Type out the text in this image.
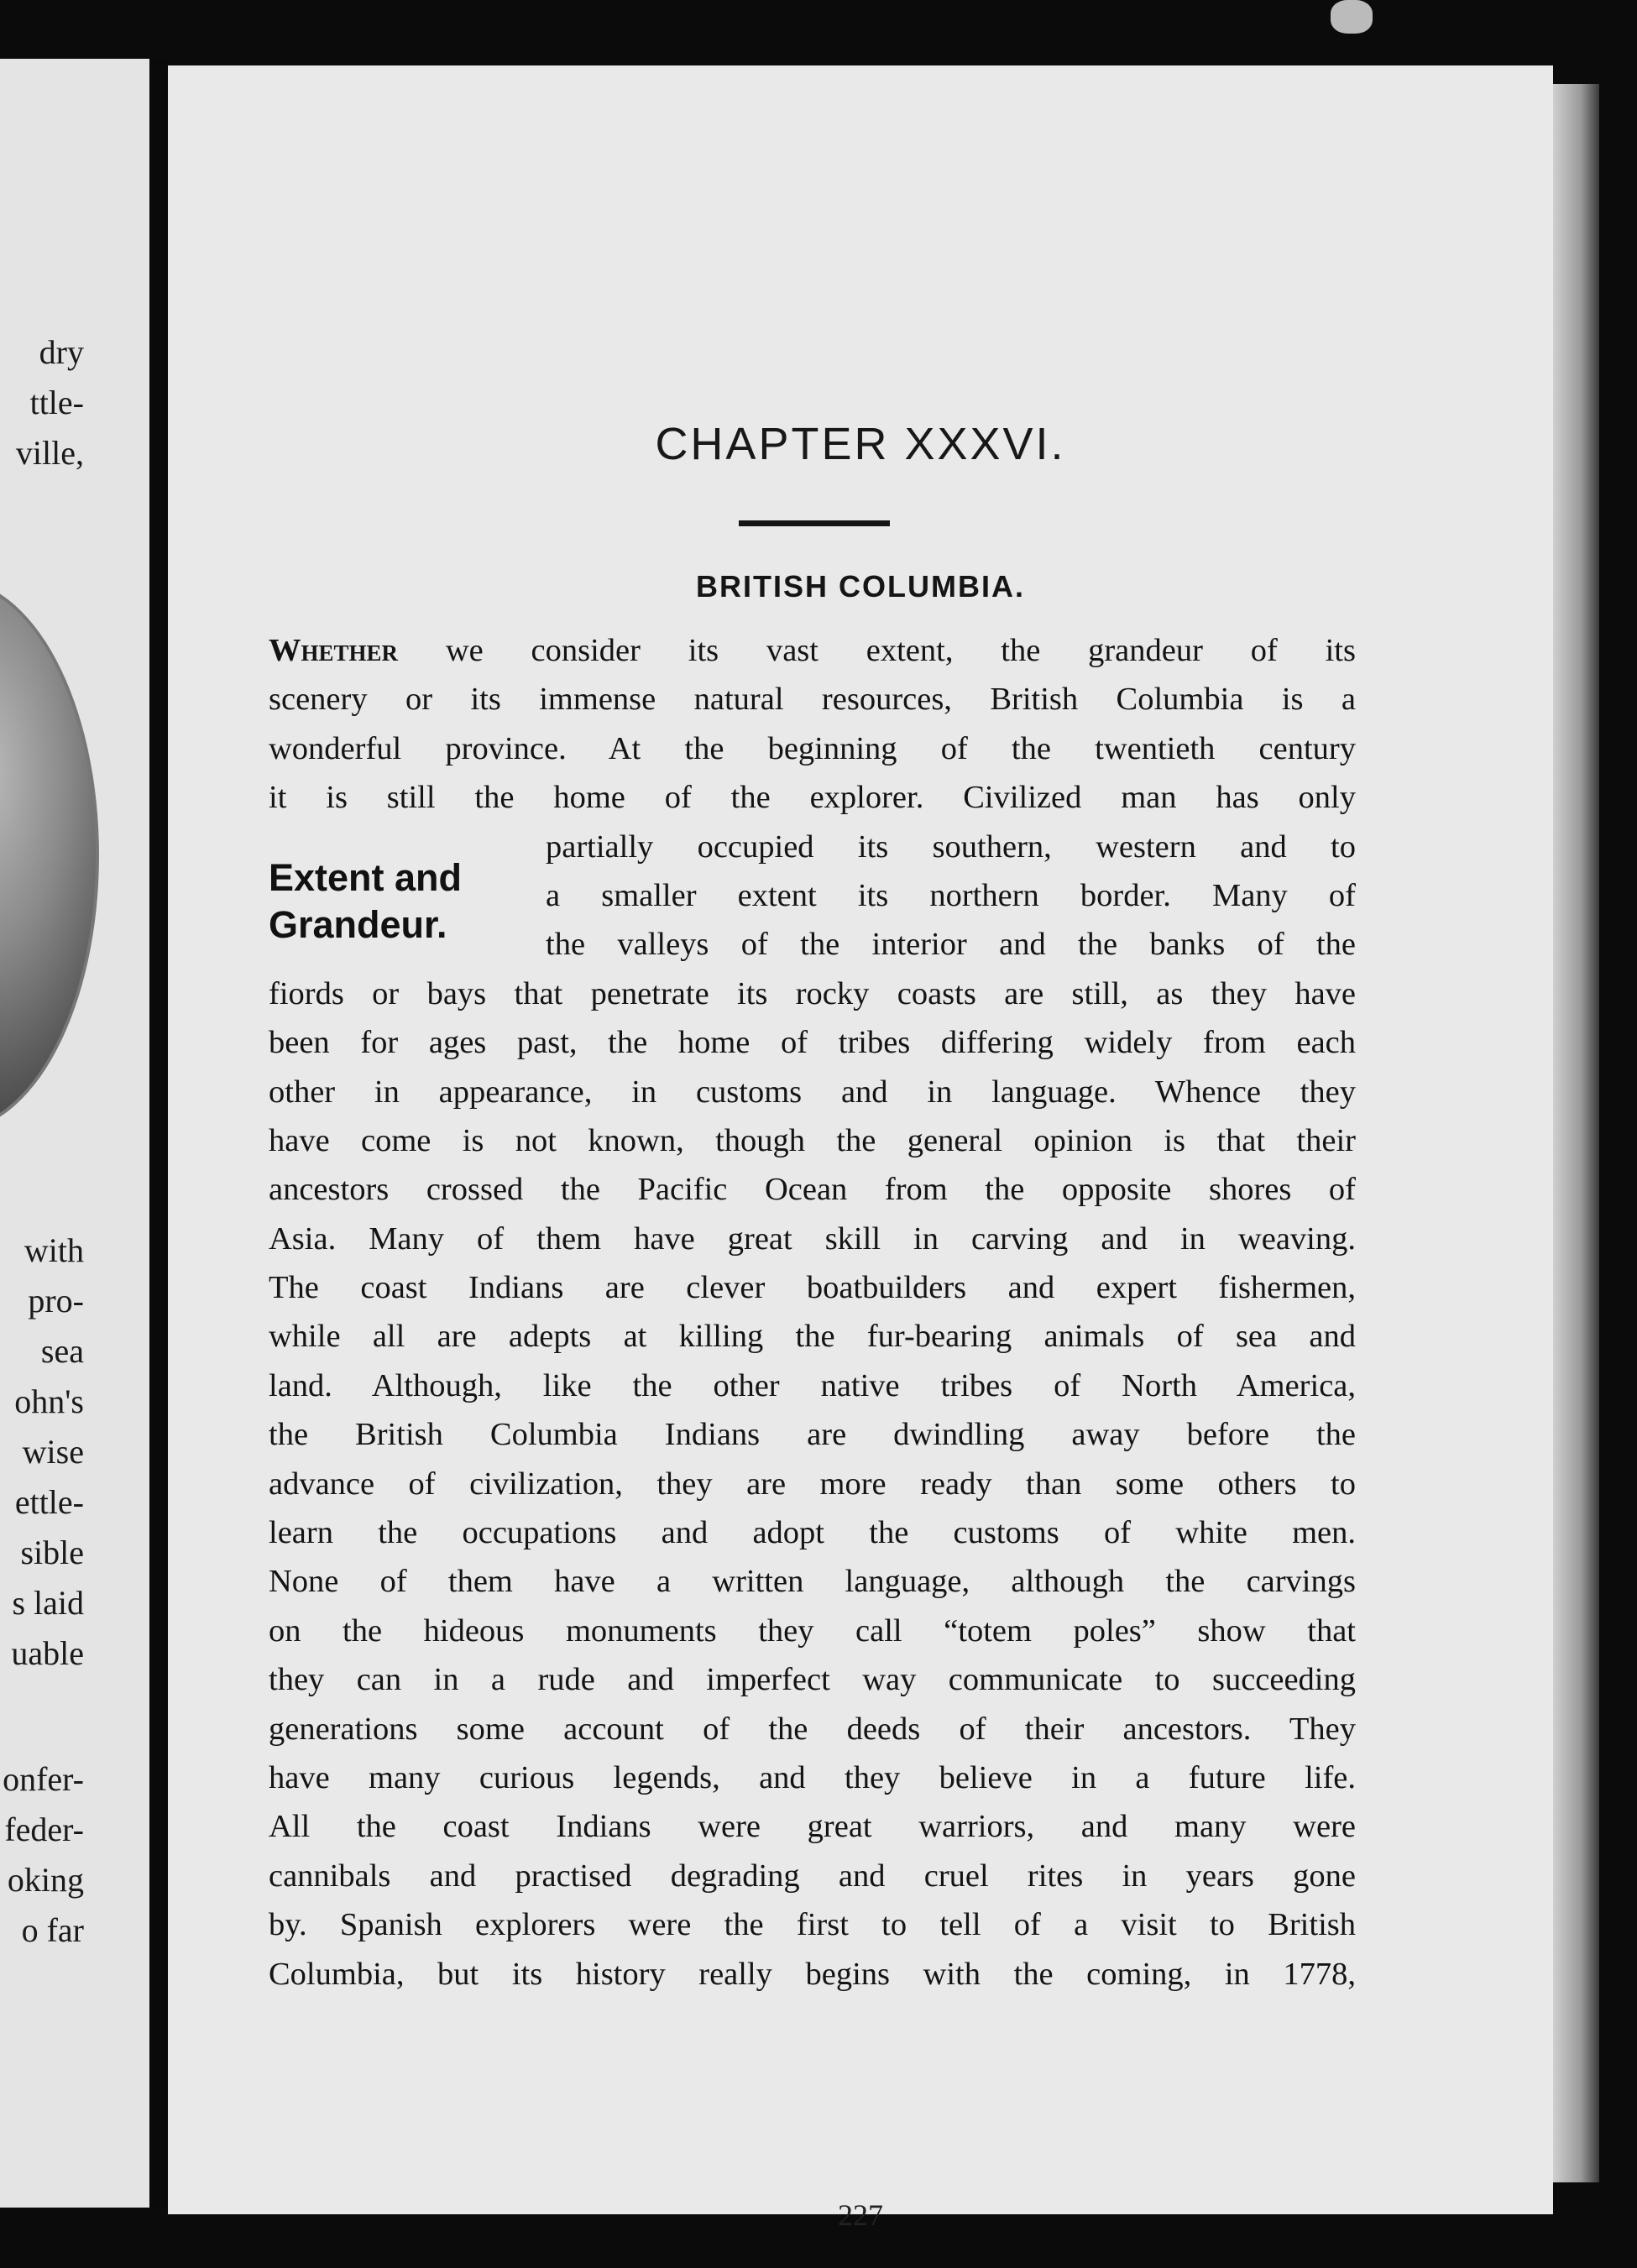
dry
ttle-
ville,
with
pro-
sea
ohn's
wise
ettle-
sible
s laid
uable
onfer-
feder-
oking
o far
CHAPTER XXXVI.
BRITISH COLUMBIA.
Extent and
Grandeur.
Whether we consider its vast extent, the grandeur of its
scenery or its immense natural resources, British Columbia is a
wonderful province. At the beginning of the twentieth century
it is still the home of the explorer. Civilized man has only
partially occupied its southern, western and to
a smaller extent its northern border. Many of
the valleys of the interior and the banks of the
fiords or bays that penetrate its rocky coasts are still, as they have
been for ages past, the home of tribes differing widely from each
other in appearance, in customs and in language. Whence they
have come is not known, though the general opinion is that their
ancestors crossed the Pacific Ocean from the opposite shores of
Asia. Many of them have great skill in carving and in weaving.
The coast Indians are clever boatbuilders and expert fishermen,
while all are adepts at killing the fur-bearing animals of sea and
land. Although, like the other native tribes of North America,
the British Columbia Indians are dwindling away before the
advance of civilization, they are more ready than some others to
learn the occupations and adopt the customs of white men.
None of them have a written language, although the carvings
on the hideous monuments they call “totem poles” show that
they can in a rude and imperfect way communicate to succeeding
generations some account of the deeds of their ancestors. They
have many curious legends, and they believe in a future life.
All the coast Indians were great warriors, and many were
cannibals and practised degrading and cruel rites in years gone
by. Spanish explorers were the first to tell of a visit to British
Columbia, but its history really begins with the coming, in 1778,
227
